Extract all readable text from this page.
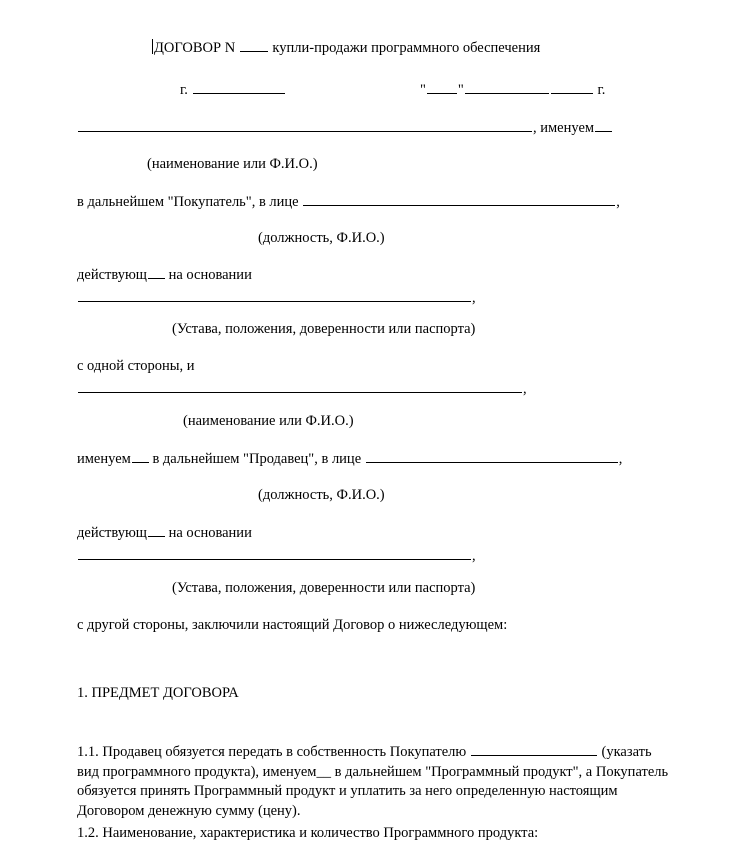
ДОГОВОР N	купли-продажи программного обеспечения
г.	" "	г.
, именуем
(наименование или Ф.И.О.)
в дальнейшем "Покупатель", в лице	,
(должность, Ф.И.О.)
действующ на основании
,
(Устава, положения, доверенности или паспорта)
с одной стороны, и
,
(наименование или Ф.И.О.)
именуем в дальнейшем "Продавец", в лице	,
(должность, Ф.И.О.)
действующ на основании
,
(Устава, положения, доверенности или паспорта)
с другой стороны, заключили настоящий Договор о нижеследующем:
1. ПРЕДМЕТ ДОГОВОРА
1.1. Продавец обязуется передать в собственность Покупателю	(указать вид программного продукта), именуем__ в дальнейшем "Программный продукт", а Покупатель обязуется принять Программный продукт и уплатить за него определенную настоящим Договором денежную сумму (цену).
1.2. Наименование, характеристика и количество Программного продукта:
